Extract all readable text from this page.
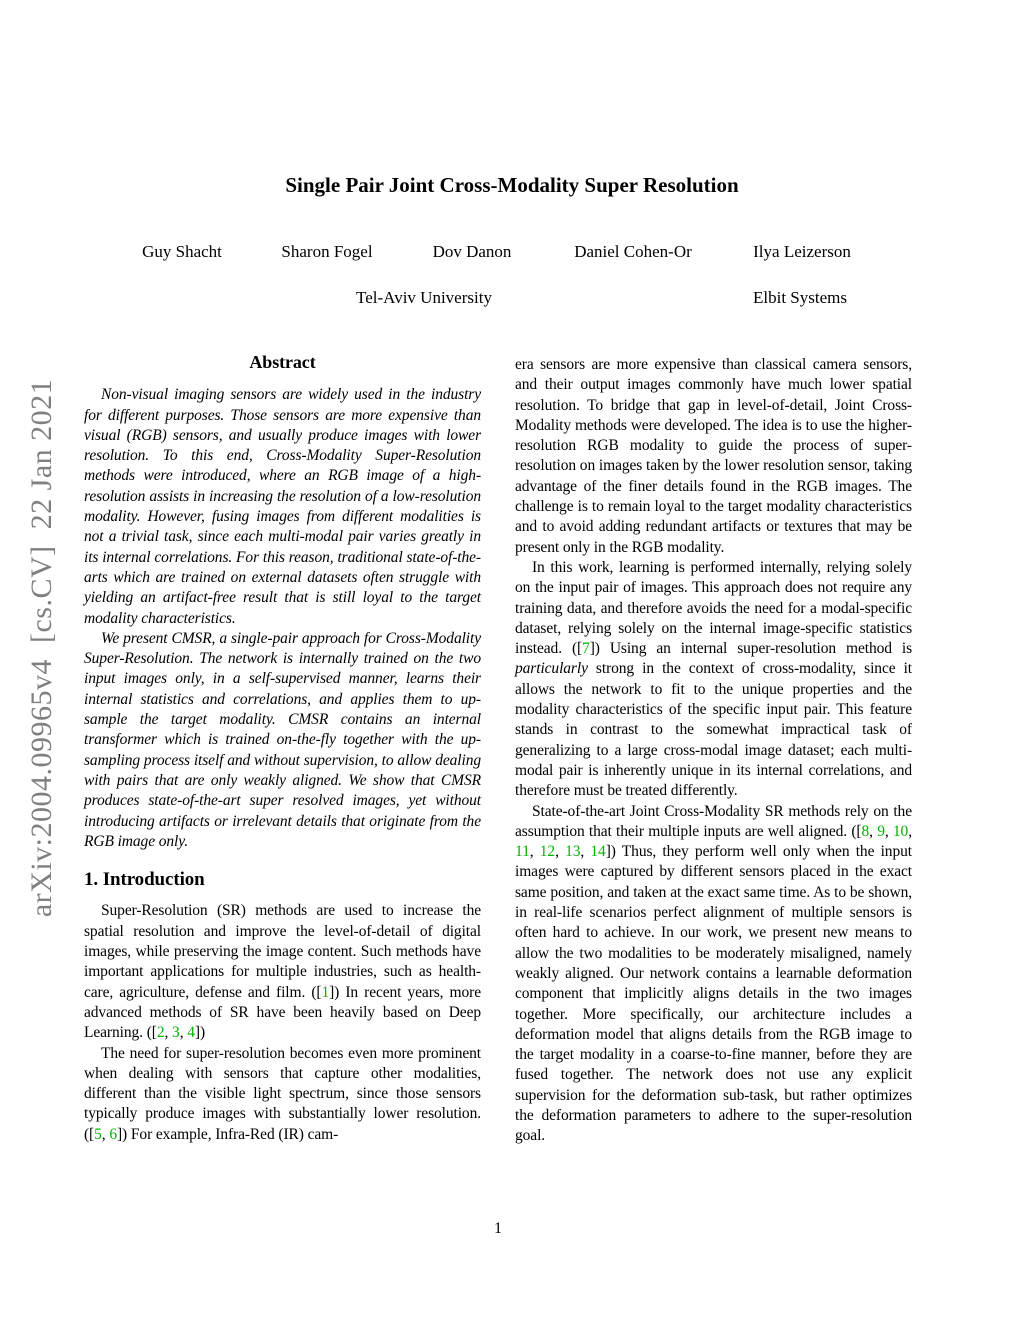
arXiv:2004.09965v4  [cs.CV]  22 Jan 2021
Single Pair Joint Cross-Modality Super Resolution
Guy Shacht	Sharon Fogel	Dov Danon	Daniel Cohen-Or	Ilya Leizerson
Tel-Aviv University	Elbit Systems
Abstract

Non-visual imaging sensors are widely used in the industry for different purposes. Those sensors are more expensive than visual (RGB) sensors, and usually produce images with lower resolution. To this end, Cross-Modality Super-Resolution methods were introduced, where an RGB image of a high-resolution assists in increasing the resolution of a low-resolution modality. However, fusing images from different modalities is not a trivial task, since each multi-modal pair varies greatly in its internal correlations. For this reason, traditional state-of-the-arts which are trained on external datasets often struggle with yielding an artifact-free result that is still loyal to the target modality characteristics.

We present CMSR, a single-pair approach for Cross-Modality Super-Resolution. The network is internally trained on the two input images only, in a self-supervised manner, learns their internal statistics and correlations, and applies them to up-sample the target modality. CMSR contains an internal transformer which is trained on-the-fly together with the up-sampling process itself and without supervision, to allow dealing with pairs that are only weakly aligned. We show that CMSR produces state-of-the-art super resolved images, yet without introducing artifacts or irrelevant details that originate from the RGB image only.

1. Introduction

Super-Resolution (SR) methods are used to increase the spatial resolution and improve the level-of-detail of digital images, while preserving the image content. Such methods have important applications for multiple industries, such as health-care, agriculture, defense and film. ([1]) In recent years, more advanced methods of SR have been heavily based on Deep Learning. ([2, 3, 4])

The need for super-resolution becomes even more prominent when dealing with sensors that capture other modalities, different than the visible light spectrum, since those sensors typically produce images with substantially lower resolution. ([5, 6]) For example, Infra-Red (IR) cam-

era sensors are more expensive than classical camera sensors, and their output images commonly have much lower spatial resolution. To bridge that gap in level-of-detail, Joint Cross-Modality methods were developed. The idea is to use the higher-resolution RGB modality to guide the process of super-resolution on images taken by the lower resolution sensor, taking advantage of the finer details found in the RGB images. The challenge is to remain loyal to the target modality characteristics and to avoid adding redundant artifacts or textures that may be present only in the RGB modality.

In this work, learning is performed internally, relying solely on the input pair of images. This approach does not require any training data, and therefore avoids the need for a modal-specific dataset, relying solely on the internal image-specific statistics instead. ([7]) Using an internal super-resolution method is particularly strong in the context of cross-modality, since it allows the network to fit to the unique properties and the modality characteristics of the specific input pair. This feature stands in contrast to the somewhat impractical task of generalizing to a large cross-modal image dataset; each multi-modal pair is inherently unique in its internal correlations, and therefore must be treated differently.

State-of-the-art Joint Cross-Modality SR methods rely on the assumption that their multiple inputs are well aligned. ([8, 9, 10, 11, 12, 13, 14]) Thus, they perform well only when the input images were captured by different sensors placed in the exact same position, and taken at the exact same time. As to be shown, in real-life scenarios perfect alignment of multiple sensors is often hard to achieve. In our work, we present new means to allow the two modalities to be moderately misaligned, namely weakly aligned. Our network contains a learnable deformation component that implicitly aligns details in the two images together. More specifically, our architecture includes a deformation model that aligns details from the RGB image to the target modality in a coarse-to-fine manner, before they are fused together. The network does not use any explicit supervision for the deformation sub-task, but rather optimizes the deformation parameters to adhere to the super-resolution goal.

1
